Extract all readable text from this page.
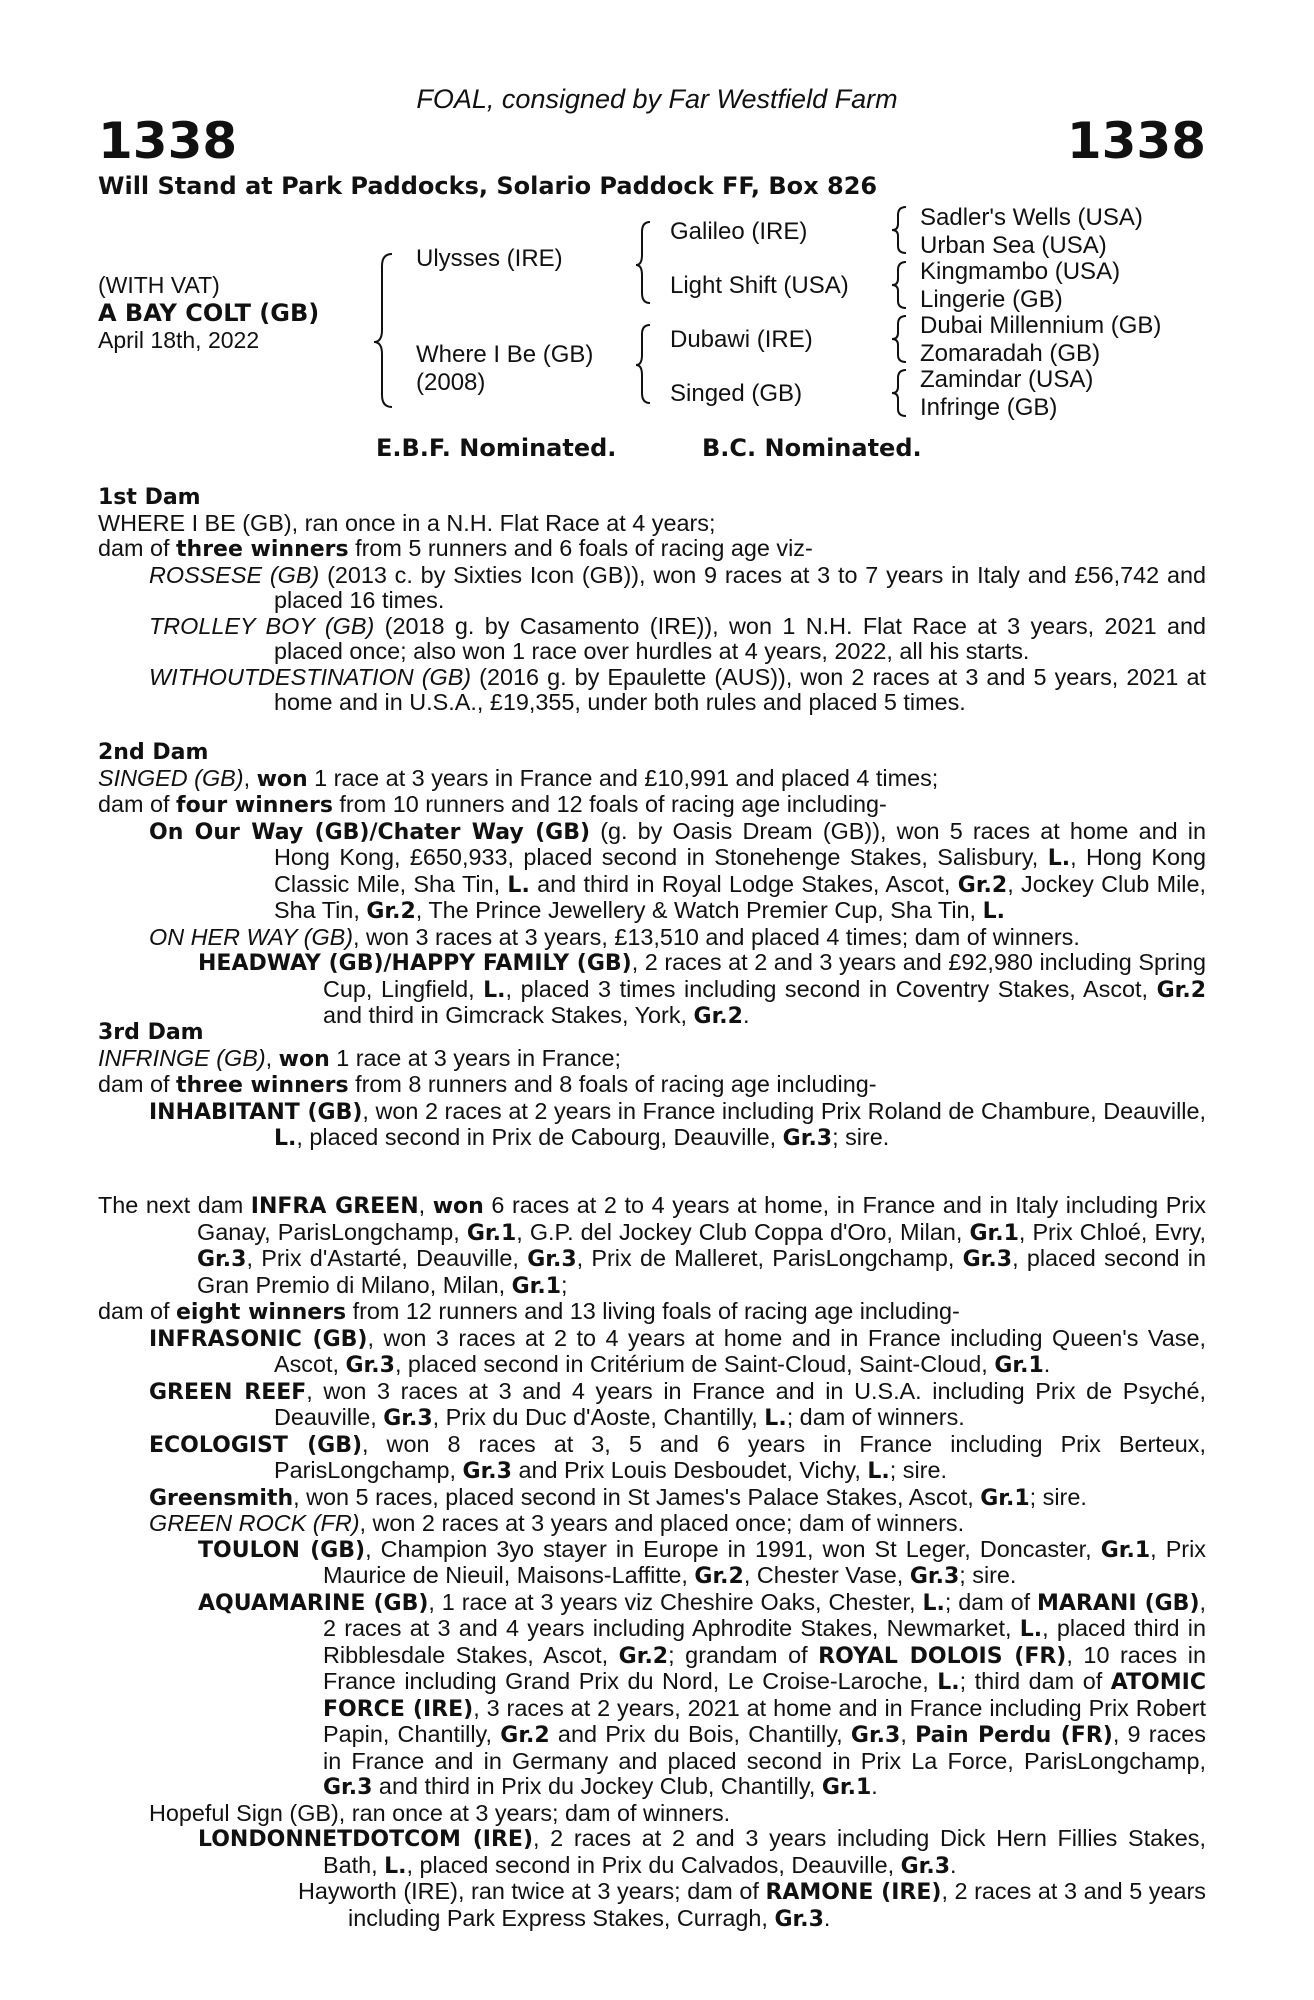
FOAL, consigned by Far Westfield Farm
1338	1338
Will Stand at Park Paddocks, Solario Paddock FF, Box 826
(WITH VAT)
A BAY COLT (GB)
April 18th, 2022
Ulysses (IRE)
Where I Be (GB)
(2008)
Galileo (IRE)
Light Shift (USA)
Dubawi (IRE)
Singed (GB)
Sadler's Wells (USA)
Urban Sea (USA)
Kingmambo (USA)
Lingerie (GB)
Dubai Millennium (GB)
Zomaradah (GB)
Zamindar (USA)
Infringe (GB)
E.B.F. Nominated.	B.C. Nominated.

1st Dam

WHERE I BE (GB), ran once in a N.H. Flat Race at 4 years;

dam of three winners from 5 runners and 6 foals of racing age viz-

ROSSESE (GB) (2013 c. by Sixties Icon (GB)), won 9 races at 3 to 7 years in Italy and £56,742 and placed 16 times.

TROLLEY BOY (GB) (2018 g. by Casamento (IRE)), won 1 N.H. Flat Race at 3 years, 2021 and placed once; also won 1 race over hurdles at 4 years, 2022, all his starts.

WITHOUTDESTINATION (GB) (2016 g. by Epaulette (AUS)), won 2 races at 3 and 5 years, 2021 at home and in U.S.A., £19,355, under both rules and placed 5 times.

2nd Dam

SINGED (GB), won 1 race at 3 years in France and £10,991 and placed 4 times;

dam of four winners from 10 runners and 12 foals of racing age including-

On Our Way (GB)/Chater Way (GB) (g. by Oasis Dream (GB)), won 5 races at home and in Hong Kong, £650,933, placed second in Stonehenge Stakes, Salisbury, L., Hong Kong Classic Mile, Sha Tin, L. and third in Royal Lodge Stakes, Ascot, Gr.2, Jockey Club Mile, Sha Tin, Gr.2, The Prince Jewellery & Watch Premier Cup, Sha Tin, L.

ON HER WAY (GB), won 3 races at 3 years, £13,510 and placed 4 times; dam of winners.

HEADWAY (GB)/HAPPY FAMILY (GB), 2 races at 2 and 3 years and £92,980 including Spring Cup, Lingfield, L., placed 3 times including second in Coventry Stakes, Ascot, Gr.2 and third in Gimcrack Stakes, York, Gr.2.

3rd Dam

INFRINGE (GB), won 1 race at 3 years in France;

dam of three winners from 8 runners and 8 foals of racing age including-

INHABITANT (GB), won 2 races at 2 years in France including Prix Roland de Chambure, Deauville, L., placed second in Prix de Cabourg, Deauville, Gr.3; sire.

The next dam INFRA GREEN, won 6 races at 2 to 4 years at home, in France and in Italy including Prix Ganay, ParisLongchamp, Gr.1, G.P. del Jockey Club Coppa d'Oro, Milan, Gr.1, Prix Chloé, Evry, Gr.3, Prix d'Astarté, Deauville, Gr.3, Prix de Malleret, ParisLongchamp, Gr.3, placed second in Gran Premio di Milano, Milan, Gr.1;

dam of eight winners from 12 runners and 13 living foals of racing age including-

INFRASONIC (GB), won 3 races at 2 to 4 years at home and in France including Queen's Vase, Ascot, Gr.3, placed second in Critérium de Saint-Cloud, Saint-Cloud, Gr.1.

GREEN REEF, won 3 races at 3 and 4 years in France and in U.S.A. including Prix de Psyché, Deauville, Gr.3, Prix du Duc d'Aoste, Chantilly, L.; dam of winners.

ECOLOGIST (GB), won 8 races at 3, 5 and 6 years in France including Prix Berteux, ParisLongchamp, Gr.3 and Prix Louis Desboudet, Vichy, L.; sire.

Greensmith, won 5 races, placed second in St James's Palace Stakes, Ascot, Gr.1; sire.

GREEN ROCK (FR), won 2 races at 3 years and placed once; dam of winners.

TOULON (GB), Champion 3yo stayer in Europe in 1991, won St Leger, Doncaster, Gr.1, Prix Maurice de Nieuil, Maisons-Laffitte, Gr.2, Chester Vase, Gr.3; sire.

AQUAMARINE (GB), 1 race at 3 years viz Cheshire Oaks, Chester, L.; dam of MARANI (GB), 2 races at 3 and 4 years including Aphrodite Stakes, Newmarket, L., placed third in Ribblesdale Stakes, Ascot, Gr.2; grandam of ROYAL DOLOIS (FR), 10 races in France including Grand Prix du Nord, Le Croise-Laroche, L.; third dam of ATOMIC FORCE (IRE), 3 races at 2 years, 2021 at home and in France including Prix Robert Papin, Chantilly, Gr.2 and Prix du Bois, Chantilly, Gr.3, Pain Perdu (FR), 9 races in France and in Germany and placed second in Prix La Force, ParisLongchamp, Gr.3 and third in Prix du Jockey Club, Chantilly, Gr.1.

Hopeful Sign (GB), ran once at 3 years; dam of winners.

LONDONNETDOTCOM (IRE), 2 races at 2 and 3 years including Dick Hern Fillies Stakes, Bath, L., placed second in Prix du Calvados, Deauville, Gr.3.

Hayworth (IRE), ran twice at 3 years; dam of RAMONE (IRE), 2 races at 3 and 5 years including Park Express Stakes, Curragh, Gr.3.
